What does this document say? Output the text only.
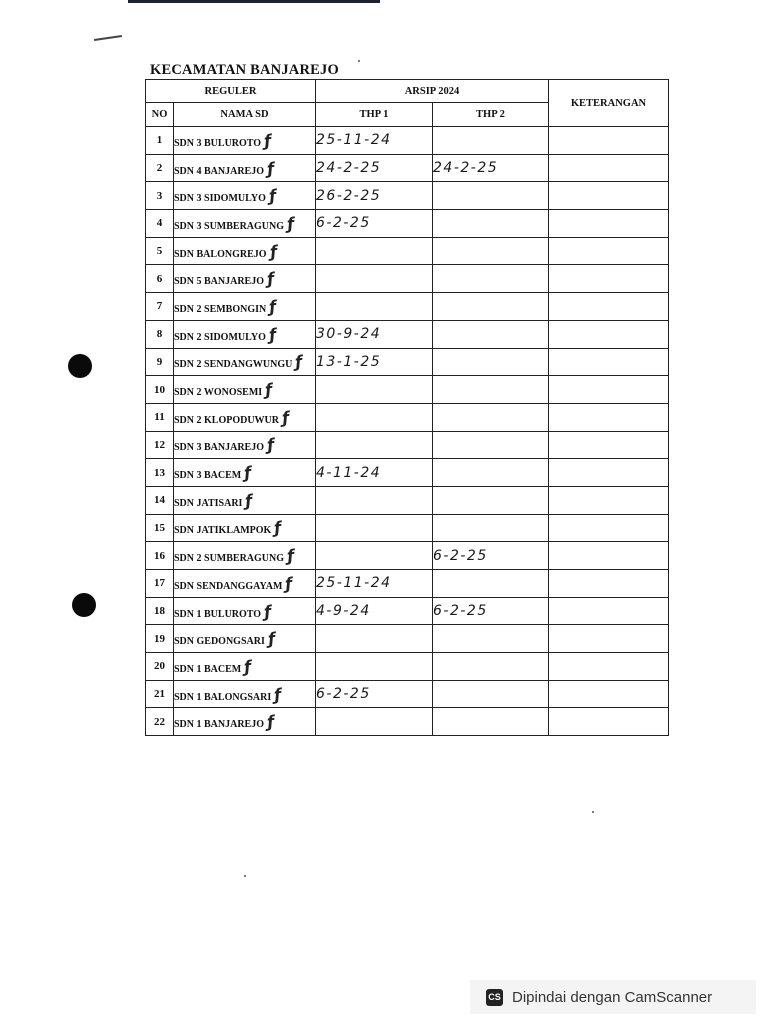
KECAMATAN BANJAREJO
REGULER		ARSIP 2024		KETERANGAN
NO	NAMA SD	THP 1	THP 2	
1	SDN 3 BULUROTO ƒ	25-11-24		
2	SDN 4 BANJAREJO ƒ	24-2-25	24-2-25	
3	SDN 3 SIDOMULYO ƒ	26-2-25		
4	SDN 3 SUMBERAGUNG ƒ	6-2-25		
5	SDN BALONGREJO ƒ			
6	SDN 5 BANJAREJO ƒ			
7	SDN 2 SEMBONGIN ƒ			
8	SDN 2 SIDOMULYO ƒ	30-9-24		
9	SDN 2 SENDANGWUNGU ƒ	13-1-25		
10	SDN 2 WONOSEMI ƒ			
11	SDN 2 KLOPODUWUR ƒ			
12	SDN 3 BANJAREJO ƒ			
13	SDN 3 BACEM ƒ	4-11-24		
14	SDN JATISARI ƒ			
15	SDN JATIKLAMPOK ƒ			
16	SDN 2 SUMBERAGUNG ƒ		6-2-25	
17	SDN SENDANGGAYAM ƒ	25-11-24		
18	SDN 1 BULUROTO ƒ	4-9-24	6-2-25	
19	SDN GEDONGSARI ƒ			
20	SDN 1 BACEM ƒ			
21	SDN 1 BALONGSARI ƒ	6-2-25		
22	SDN 1 BANJAREJO ƒ			
CS Dipindai dengan CamScanner
